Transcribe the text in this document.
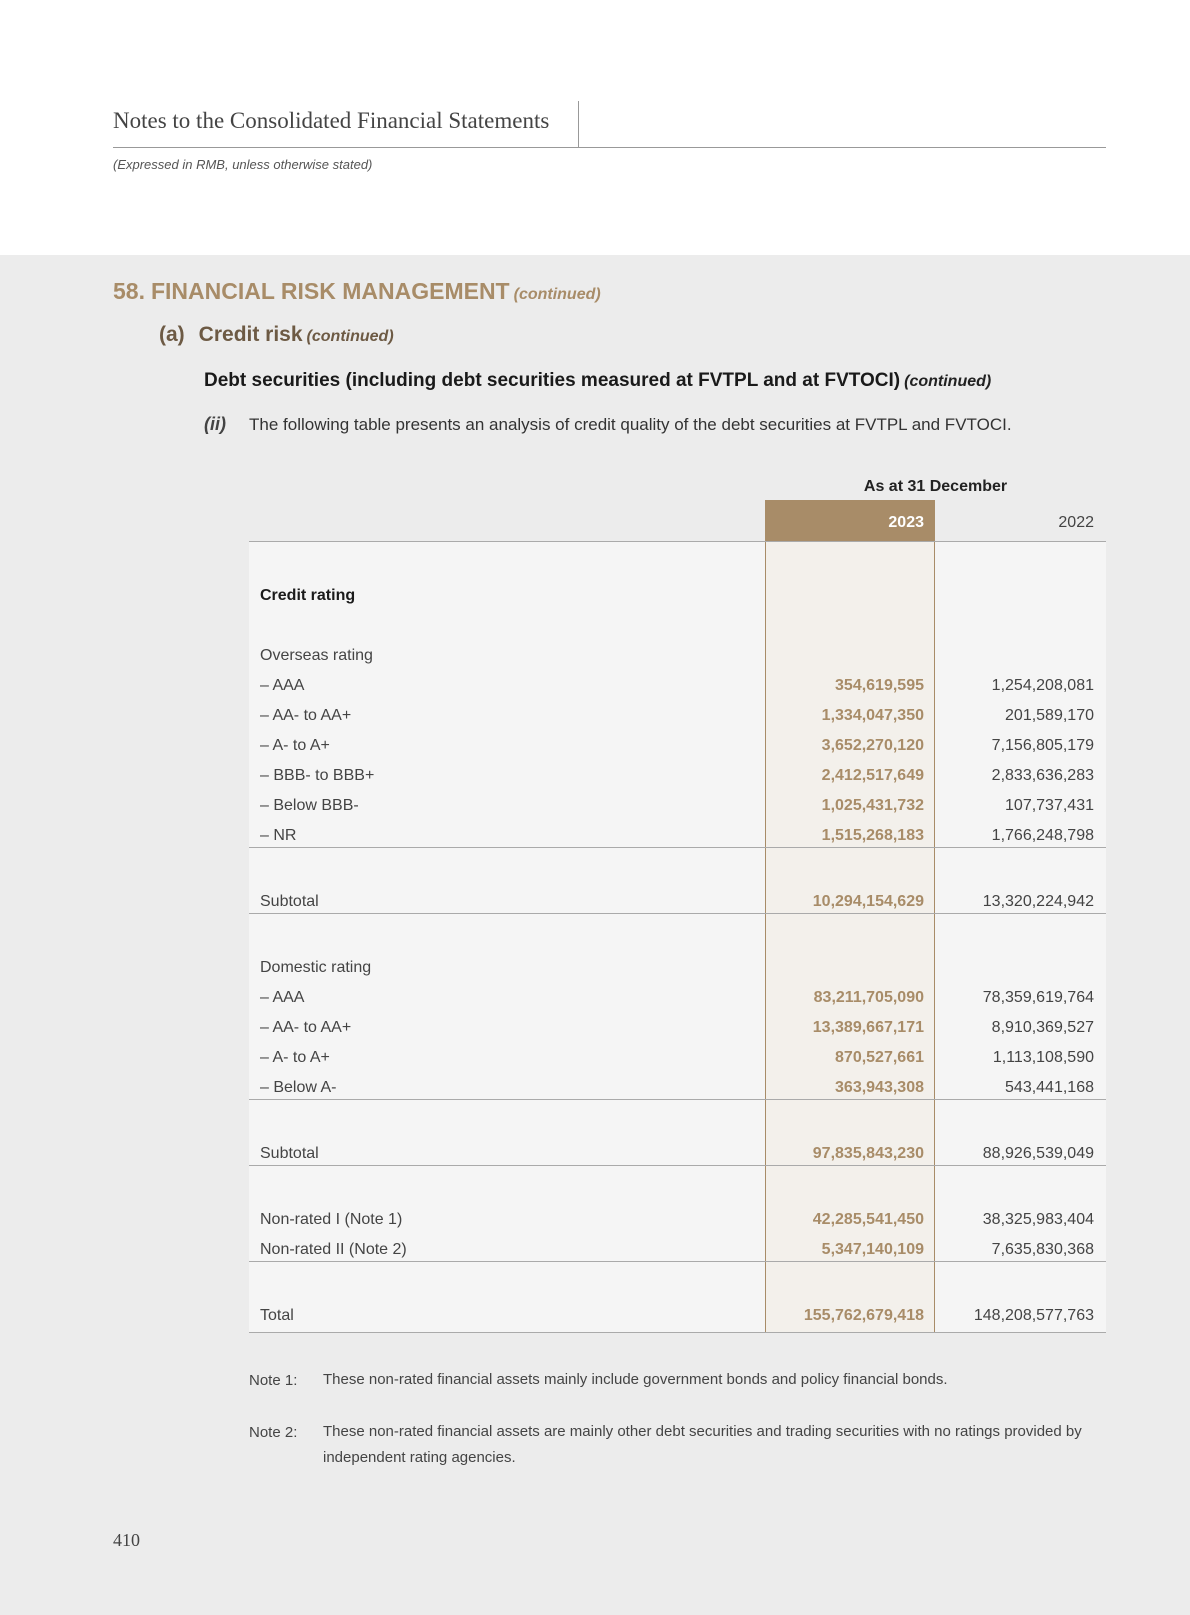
Notes to the Consolidated Financial Statements
(Expressed in RMB, unless otherwise stated)
58. FINANCIAL RISK MANAGEMENT (continued)
(a) Credit risk (continued)
Debt securities (including debt securities measured at FVTPL and at FVTOCI) (continued)
(ii) The following table presents an analysis of credit quality of the debt securities at FVTPL and FVTOCI.
As at 31 December
2023	2022
Credit rating
Overseas rating
– AAA	354,619,595	1,254,208,081
– AA- to AA+	1,334,047,350	201,589,170
– A- to A+	3,652,270,120	7,156,805,179
– BBB- to BBB+	2,412,517,649	2,833,636,283
– Below BBB-	1,025,431,732	107,737,431
– NR	1,515,268,183	1,766,248,798
Subtotal	10,294,154,629	13,320,224,942
Domestic rating
– AAA	83,211,705,090	78,359,619,764
– AA- to AA+	13,389,667,171	8,910,369,527
– A- to A+	870,527,661	1,113,108,590
– Below A-	363,943,308	543,441,168
Subtotal	97,835,843,230	88,926,539,049
Non-rated I (Note 1)	42,285,541,450	38,325,983,404
Non-rated II (Note 2)	5,347,140,109	7,635,830,368
Total	155,762,679,418	148,208,577,763
Note 1: These non-rated financial assets mainly include government bonds and policy financial bonds.
Note 2: These non-rated financial assets are mainly other debt securities and trading securities with no ratings provided by independent rating agencies.
410
